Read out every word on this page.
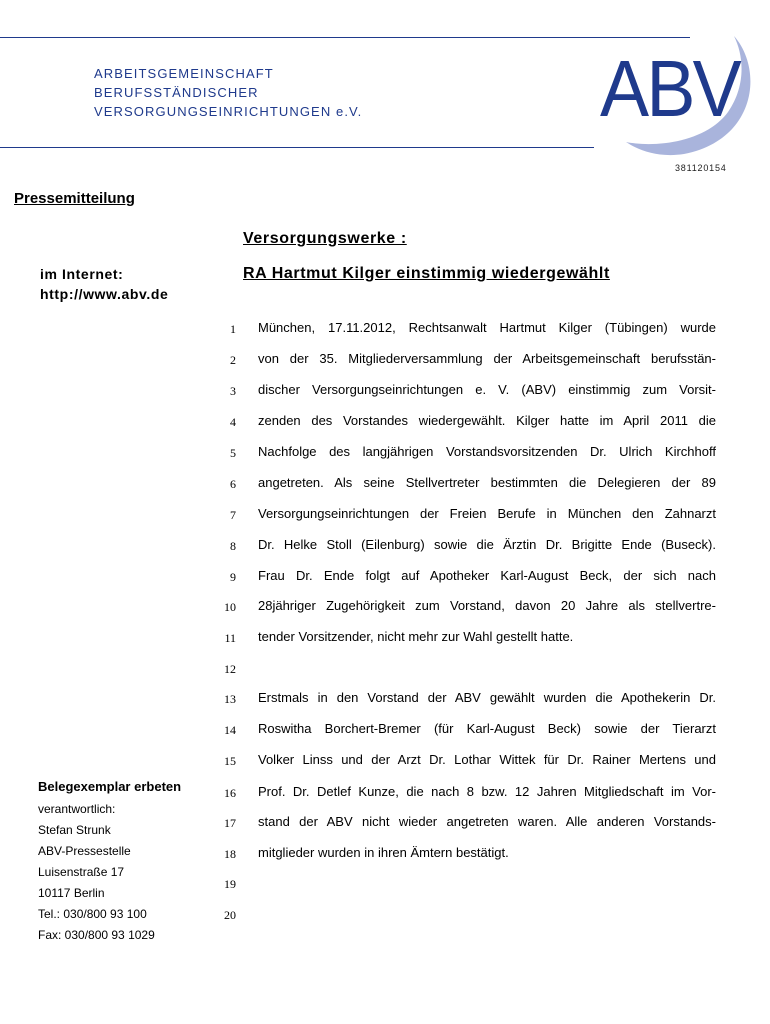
ARBEITSGEMEINSCHAFT
BERUFSSTÄNDISCHER
VERSORGUNGSEINRICHTUNGEN e.V.	ABV
381120154
Pressemitteilung
im Internet:
http://www.abv.de
Versorgungswerke :
RA Hartmut Kilger einstimmig wiedergewählt
1 München, 17.11.2012, Rechtsanwalt Hartmut Kilger (Tübingen) wurde
2 von der 35. Mitgliederversammlung der Arbeitsgemeinschaft berufsstän-
3 discher Versorgungseinrichtungen e. V. (ABV) einstimmig zum Vorsit-
4 zenden des Vorstandes wiedergewählt. Kilger hatte im April 2011 die
5 Nachfolge des langjährigen Vorstandsvorsitzenden Dr. Ulrich Kirchhoff
6 angetreten. Als seine Stellvertreter bestimmten die Delegieren der 89
7 Versorgungseinrichtungen der Freien Berufe in München den Zahnarzt
8 Dr. Helke Stoll (Eilenburg) sowie die Ärztin Dr. Brigitte Ende (Buseck).
9 Frau Dr. Ende folgt auf Apotheker Karl-August Beck, der sich nach
10 28jähriger Zugehörigkeit zum Vorstand, davon 20 Jahre als stellvertre-
11 tender Vorsitzender, nicht mehr zur Wahl gestellt hatte.
12
13 Erstmals in den Vorstand der ABV gewählt wurden die Apothekerin Dr.
14 Roswitha Borchert-Bremer (für Karl-August Beck) sowie der Tierarzt
15 Volker Linss und der Arzt Dr. Lothar Wittek für Dr. Rainer Mertens und
16 Prof. Dr. Detlef Kunze, die nach 8 bzw. 12 Jahren Mitgliedschaft im Vor-
17 stand der ABV nicht wieder angetreten waren. Alle anderen Vorstands-
18 mitglieder wurden in ihren Ämtern bestätigt.
19
20
Belegexemplar erbeten
verantwortlich:
Stefan Strunk
ABV-Pressestelle
Luisenstraße 17
10117 Berlin
Tel.: 030/800 93 100
Fax: 030/800 93 1029
